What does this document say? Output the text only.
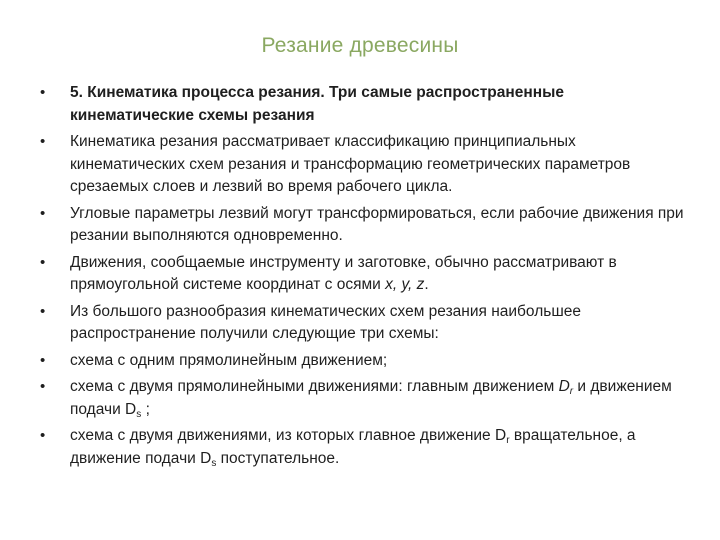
Резание древесины
•	5. Кинематика процесса резания. Три самые распространенные кинематические схемы резания
•	Кинематика резания рассматривает классификацию принципиальных кинематических схем резания и трансформацию геометрических параметров срезаемых слоев и лезвий во время рабочего цикла.
•	Угловые параметры лезвий могут трансформироваться, если рабочие движения при резании выполняются одновременно.
•	Движения, сообщаемые инструменту и заготовке, обычно рассматривают в прямоугольной системе координат с осями x, y, z.
•	Из большого разнообразия кинематических схем резания наибольшее распространение получили следующие три схемы:
•	схема с одним прямолинейным движением;
•	схема с двумя прямолинейными движениями: главным движением $D_r$ и движением подачи $D_s$ ;
•	схема с двумя движениями, из которых главное движение $D_r$ вращательное, а движение подачи $D_s$ поступательное.
